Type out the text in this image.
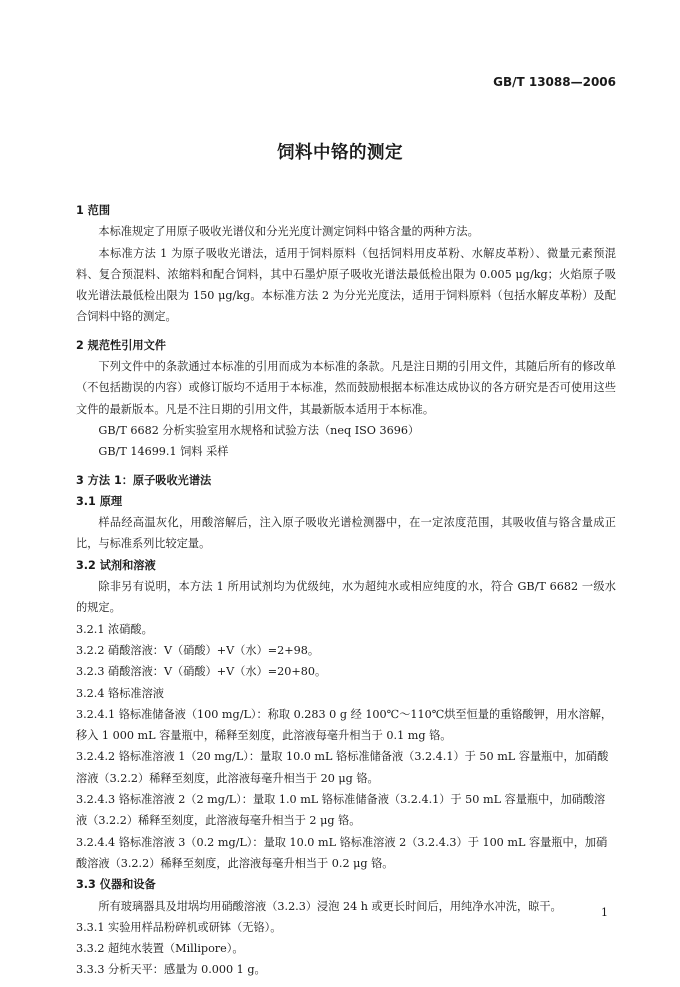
GB/T 13088—2006
饲料中铬的测定

1 范围

本标准规定了用原子吸收光谱仪和分光光度计测定饲料中铬含量的两种方法。

本标准方法 1 为原子吸收光谱法，适用于饲料原料（包括饲料用皮革粉、水解皮革粉）、微量元素预混料、复合预混料、浓缩料和配合饲料，其中石墨炉原子吸收光谱法最低检出限为 0.005 μg/kg；火焰原子吸收光谱法最低检出限为 150 μg/kg。本标准方法 2 为分光光度法，适用于饲料原料（包括水解皮革粉）及配合饲料中铬的测定。

2 规范性引用文件

下列文件中的条款通过本标准的引用而成为本标准的条款。凡是注日期的引用文件，其随后所有的修改单（不包括勘误的内容）或修订版均不适用于本标准，然而鼓励根据本标准达成协议的各方研究是否可使用这些文件的最新版本。凡是不注日期的引用文件，其最新版本适用于本标准。

GB/T 6682 分析实验室用水规格和试验方法（neq ISO 3696）

GB/T 14699.1 饲料 采样

3 方法 1：原子吸收光谱法

3.1 原理

样品经高温灰化，用酸溶解后，注入原子吸收光谱检测器中，在一定浓度范围，其吸收值与铬含量成正比，与标准系列比较定量。

3.2 试剂和溶液

除非另有说明，本方法 1 所用试剂均为优级纯，水为超纯水或相应纯度的水，符合 GB/T 6682 一级水的规定。

3.2.1 浓硝酸。

3.2.2 硝酸溶液：V（硝酸）+V（水）=2+98。

3.2.3 硝酸溶液：V（硝酸）+V（水）=20+80。

3.2.4 铬标准溶液

3.2.4.1 铬标准储备液（100 mg/L）：称取 0.283 0 g 经 100℃～110℃烘至恒量的重铬酸钾，用水溶解，移入 1 000 mL 容量瓶中，稀释至刻度，此溶液每毫升相当于 0.1 mg 铬。

3.2.4.2 铬标准溶液 1（20 mg/L）：量取 10.0 mL 铬标准储备液（3.2.4.1）于 50 mL 容量瓶中，加硝酸溶液（3.2.2）稀释至刻度，此溶液每毫升相当于 20 μg 铬。

3.2.4.3 铬标准溶液 2（2 mg/L）：量取 1.0 mL 铬标准储备液（3.2.4.1）于 50 mL 容量瓶中，加硝酸溶液（3.2.2）稀释至刻度，此溶液每毫升相当于 2 μg 铬。

3.2.4.4 铬标准溶液 3（0.2 mg/L）：量取 10.0 mL 铬标准溶液 2（3.2.4.3）于 100 mL 容量瓶中，加硝酸溶液（3.2.2）稀释至刻度，此溶液每毫升相当于 0.2 μg 铬。

3.3 仪器和设备

所有玻璃器具及坩埚均用硝酸溶液（3.2.3）浸泡 24 h 或更长时间后，用纯净水冲洗，晾干。

3.3.1 实验用样品粉碎机或研钵（无铬）。

3.3.2 超纯水装置（Millipore）。

3.3.3 分析天平：感量为 0.000 1 g。

1
